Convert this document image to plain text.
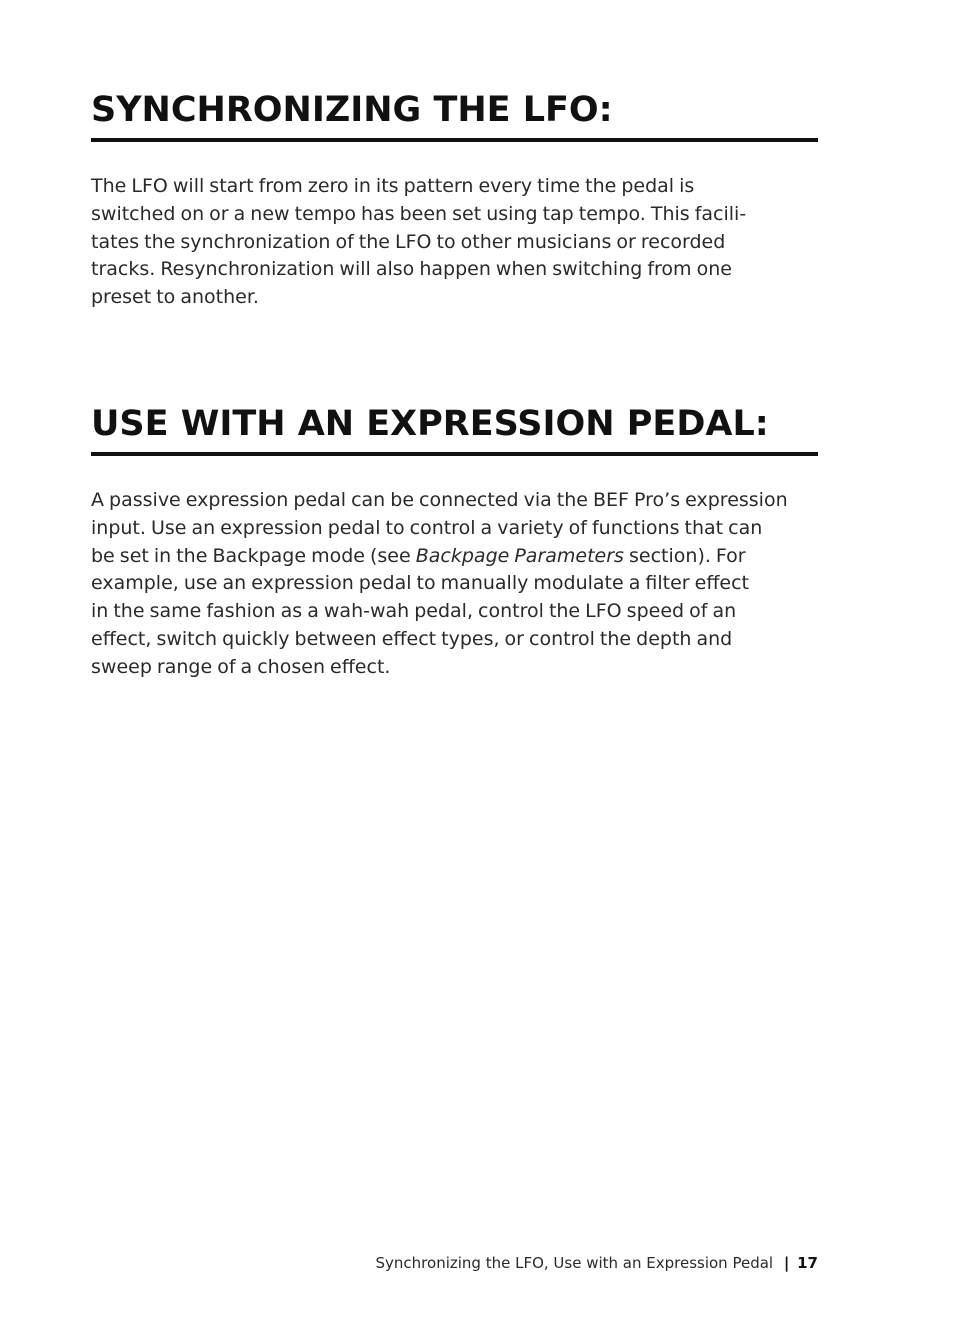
SYNCHRONIZING THE LFO:

The LFO will start from zero in its pattern every time the pedal is
switched on or a new tempo has been set using tap tempo. This facili-
tates the synchronization of the LFO to other musicians or recorded
tracks. Resynchronization will also happen when switching from one
preset to another.

USE WITH AN EXPRESSION PEDAL:

A passive expression pedal can be connected via the BEF Pro’s expression
input. Use an expression pedal to control a variety of functions that can
be set in the Backpage mode (see Backpage Parameters section). For
example, use an expression pedal to manually modulate a filter effect
in the same fashion as a wah-wah pedal, control the LFO speed of an
effect, switch quickly between effect types, or control the depth and
sweep range of a chosen effect.

Synchronizing the LFO, Use with an Expression Pedal | 17
